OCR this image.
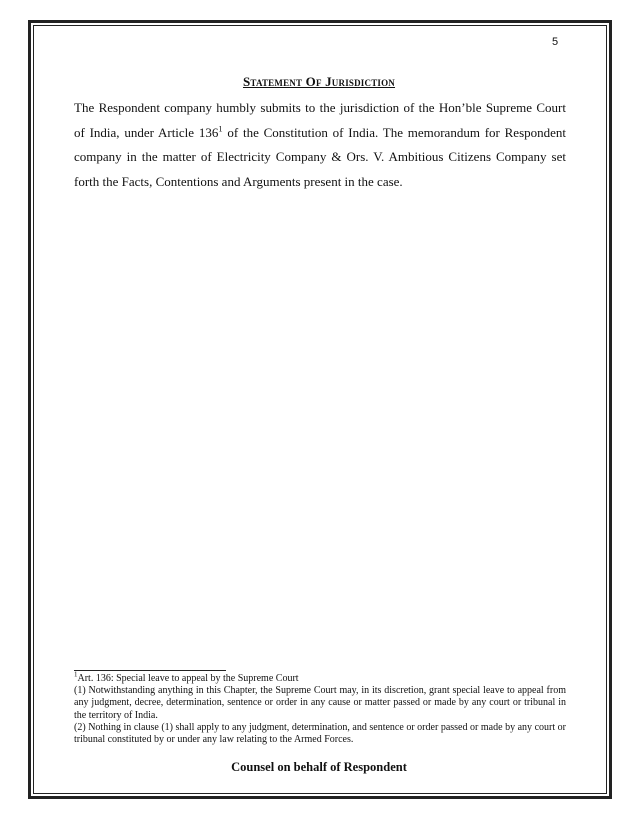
5
Statement Of Jurisdiction

The Respondent company humbly submits to the jurisdiction of the Hon’ble Supreme Court of India, under Article 136$^1$ of the Constitution of India. The memorandum for Respondent company in the matter of Electricity Company & Ors. V. Ambitious Citizens Company set forth the Facts, Contentions and Arguments present in the case.

$^1$Art. 136: Special leave to appeal by the Supreme Court

(1) Notwithstanding anything in this Chapter, the Supreme Court may, in its discretion, grant special leave to appeal from any judgment, decree, determination, sentence or order in any cause or matter passed or made by any court or tribunal in the territory of India.

(2) Nothing in clause (1) shall apply to any judgment, determination, and sentence or order passed or made by any court or tribunal constituted by or under any law relating to the Armed Forces.

Counsel on behalf of Respondent
